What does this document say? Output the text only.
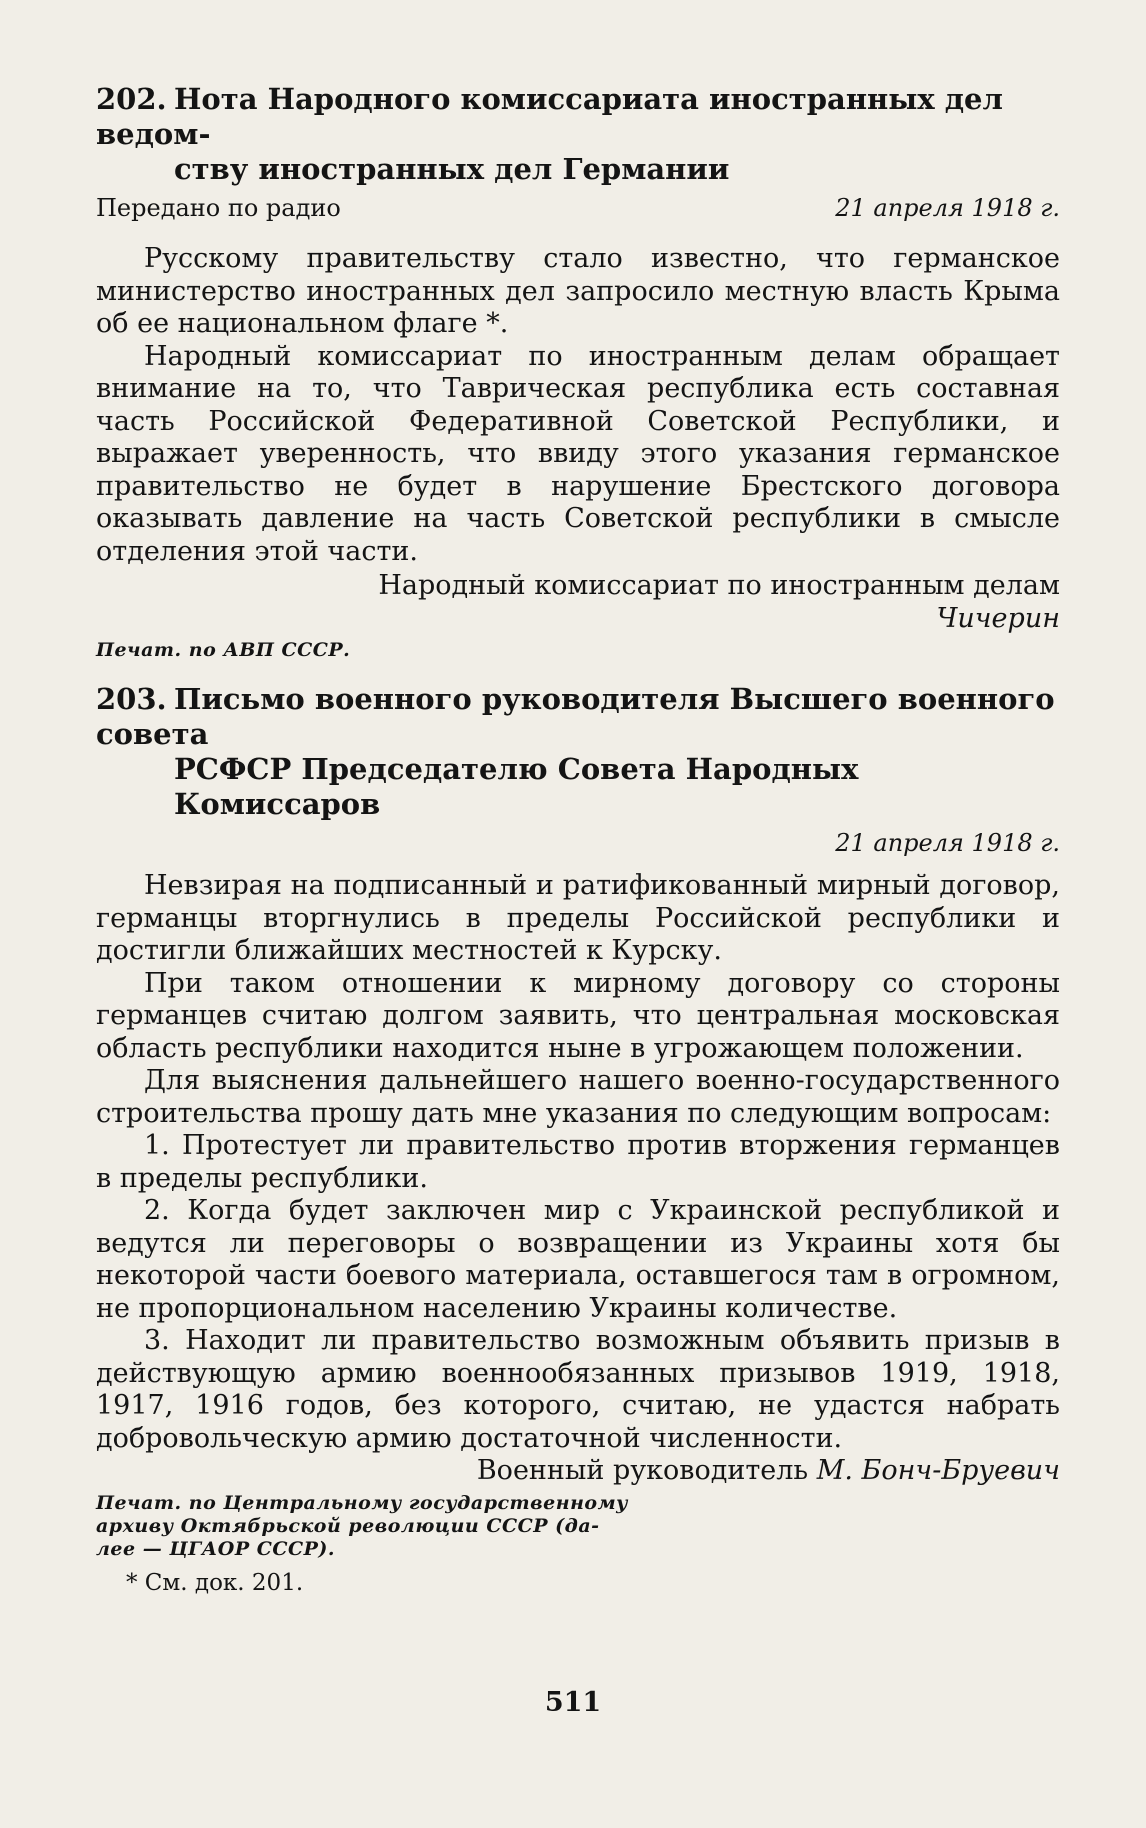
202. Нота Народного комиссариата иностранных дел ведом-
ству иностранных дел Германии
Передано по радио	21 апреля 1918 г.

Русскому правительству стало известно, что германское министерство иностранных дел запросило местную власть Крыма об ее национальном флаге *.

Народный комиссариат по иностранным делам обращает внимание на то, что Таврическая республика есть составная часть Российской Федеративной Советской Республики, и выражает уверенность, что ввиду этого указания германское правительство не будет в нарушение Брестского договора оказывать давление на часть Советской республики в смысле отделения этой части.

Народный комиссариат по иностранным делам
Чичерин
Печат. по АВП СССР.
203. Письмо военного руководителя Высшего военного совета
РСФСР Председателю Совета Народных Комиссаров
21 апреля 1918 г.

Невзирая на подписанный и ратификованный мирный договор, германцы вторгнулись в пределы Российской республики и достигли ближайших местностей к Курску.

При таком отношении к мирному договору со стороны германцев считаю долгом заявить, что центральная московская область республики находится ныне в угрожающем положении.

Для выяснения дальнейшего нашего военно-государственного строительства прошу дать мне указания по следующим вопросам:

1. Протестует ли правительство против вторжения германцев в пределы республики.

2. Когда будет заключен мир с Украинской республикой и ведутся ли переговоры о возвращении из Украины хотя бы некоторой части боевого материала, оставшегося там в огромном, не пропорциональном населению Украины количестве.

3. Находит ли правительство возможным объявить призыв в действующую армию военнообязанных призывов 1919, 1918, 1917, 1916 годов, без которого, считаю, не удастся набрать добровольческую армию достаточной численности.

Военный руководитель М. Бонч-Бруевич
Печат. по Центральному государственному
архиву Октябрьской революции СССР (да-
лее — ЦГАОР СССР).
* См. док. 201.
511
